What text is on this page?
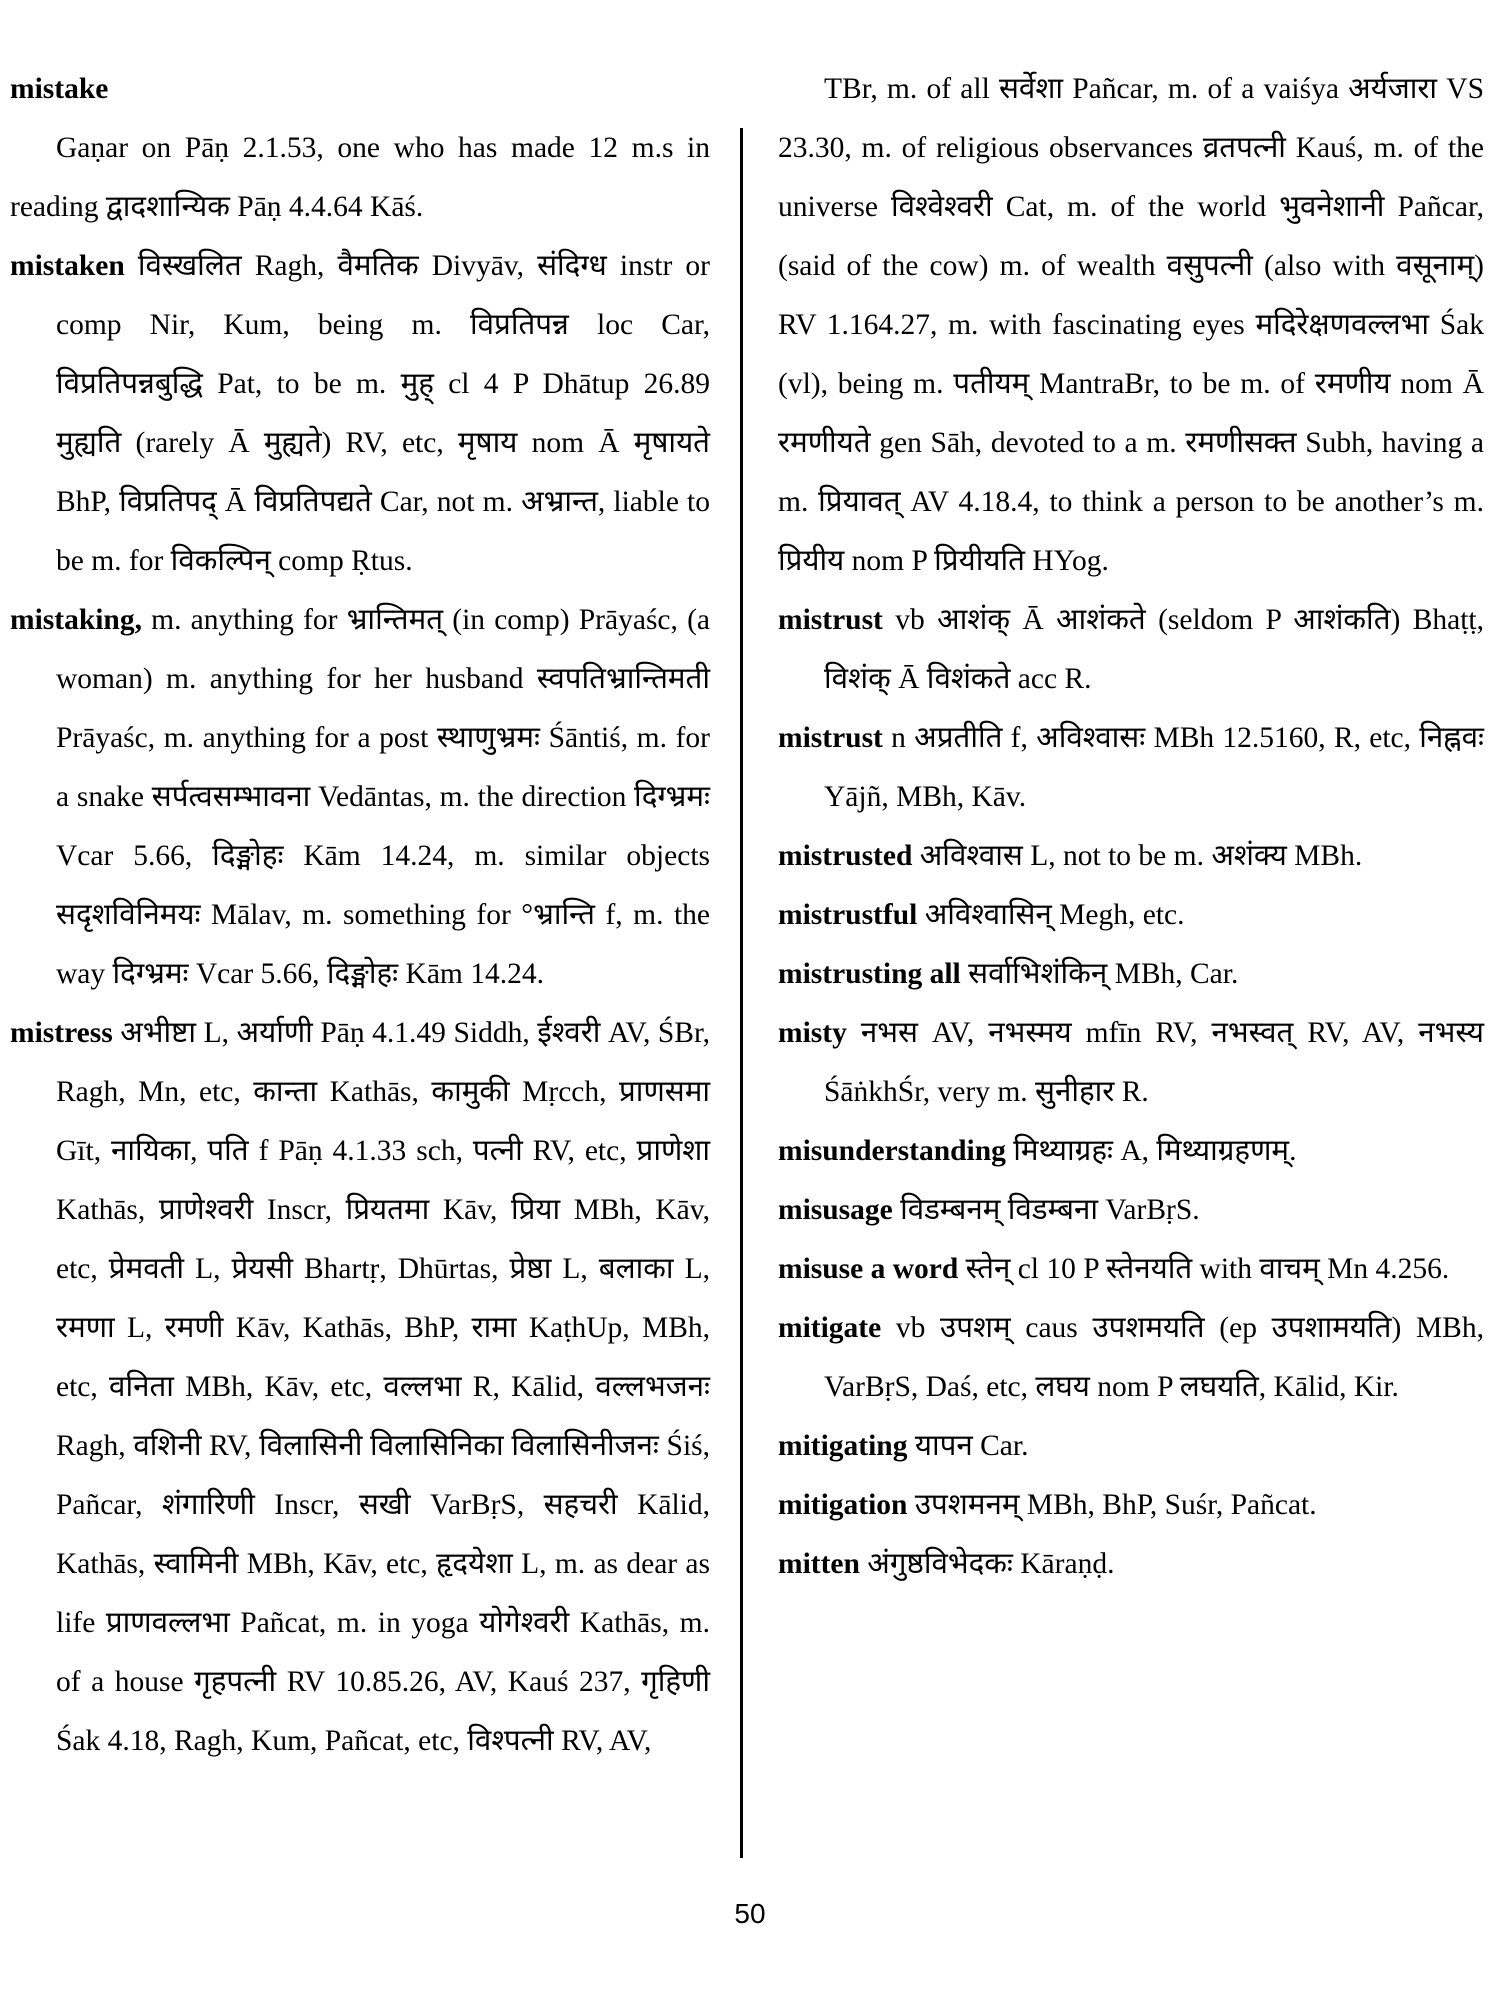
mistake

Gaṇar on Pāṇ 2.1.53, one who has made 12 m.s in reading द्वादशान्यिक Pāṇ 4.4.64 Kāś.

mistaken विस्खलित Ragh, वैमतिक Divyāv, संदिग्ध instr or comp Nir, Kum, being m. विप्रतिपन्न loc Car, विप्रतिपन्नबुद्धि Pat, to be m. मुह् cl 4 P Dhātup 26.89 मुह्यति (rarely Ā मुह्यते) RV, etc, मृषाय nom Ā मृषायते BhP, विप्रतिपद् Ā विप्रतिपद्यते Car, not m. अभ्रान्त, liable to be m. for विकल्पिन् comp Ṛtus.

mistaking, m. anything for भ्रान्तिमत् (in comp) Prāyaśc, (a woman) m. anything for her husband स्वपतिभ्रान्तिमती Prāyaśc, m. anything for a post स्थाणुभ्रमः Śāntiś, m. for a snake सर्पत्वसम्भावना Vedāntas, m. the direction दिग्भ्रमः Vcar 5.66, दिङ्मोहः Kām 14.24, m. similar objects सदृशविनिमयः Mālav, m. something for °भ्रान्ति f, m. the way दिग्भ्रमः Vcar 5.66, दिङ्मोहः Kām 14.24.

mistress अभीष्टा L, अर्याणी Pāṇ 4.1.49 Siddh, ईश्वरी AV, ŚBr, Ragh, Mn, etc, कान्ता Kathās, कामुकी Mṛcch, प्राणसमा Gīt, नायिका, पति f Pāṇ 4.1.33 sch, पत्नी RV, etc, प्राणेशा Kathās, प्राणेश्वरी Inscr, प्रियतमा Kāv, प्रिया MBh, Kāv, etc, प्रेमवती L, प्रेयसी Bhartṛ, Dhūrtas, प्रेष्ठा L, बलाका L, रमणा L, रमणी Kāv, Kathās, BhP, रामा KaṭhUp, MBh, etc, वनिता MBh, Kāv, etc, वल्लभा R, Kālid, वल्लभजनः Ragh, वशिनी RV, विलासिनी विलासिनिका विलासिनीजनः Śiś, Pañcar, शंगारिणी Inscr, सखी VarBṛS, सहचरी Kālid, Kathās, स्वामिनी MBh, Kāv, etc, हृदयेशा L, m. as dear as life प्राणवल्लभा Pañcat, m. in yoga योगेश्वरी Kathās, m. of a house गृहपत्नी RV 10.85.26, AV, Kauś 237, गृहिणी Śak 4.18, Ragh, Kum, Pañcat, etc, विश्पत्नी RV, AV,

TBr, m. of all सर्वेशा Pañcar, m. of a vaiśya अर्यजारा VS 23.30, m. of religious observances व्रतपत्नी Kauś, m. of the universe विश्वेश्वरी Cat, m. of the world भुवनेशानी Pañcar, (said of the cow) m. of wealth वसुपत्नी (also with वसूनाम्) RV 1.164.27, m. with fascinating eyes मदिरेक्षणवल्लभा Śak (vl), being m. पतीयम् MantraBr, to be m. of रमणीय nom Ā रमणीयते gen Sāh, devoted to a m. रमणीसक्त Subh, having a m. प्रियावत् AV 4.18.4, to think a person to be another’s m. प्रियीय nom P प्रियीयति HYog.

mistrust vb आशंक् Ā आशंकते (seldom P आशंकति) Bhaṭṭ, विशंक् Ā विशंकते acc R.

mistrust n अप्रतीति f, अविश्वासः MBh 12.5160, R, etc, निह्नवः Yājñ, MBh, Kāv.

mistrusted अविश्वास L, not to be m. अशंक्य MBh.

mistrustful अविश्वासिन् Megh, etc.

mistrusting all सर्वाभिशंकिन् MBh, Car.

misty नभस AV, नभस्मय mfīn RV, नभस्वत् RV, AV, नभस्य ŚāṅkhŚr, very m. सुनीहार R.

misunderstanding मिथ्याग्रहः A, मिथ्याग्रहणम्.

misusage विडम्बनम् विडम्बना VarBṛS.

misuse a word स्तेन् cl 10 P स्तेनयति with वाचम् Mn 4.256.

mitigate vb उपशम् caus उपशमयति (ep उपशामयति) MBh, VarBṛS, Daś, etc, लघय nom P लघयति, Kālid, Kir.

mitigating यापन Car.

mitigation उपशमनम् MBh, BhP, Suśr, Pañcat.

mitten अंगुष्ठविभेदकः Kāraṇḍ.

50
